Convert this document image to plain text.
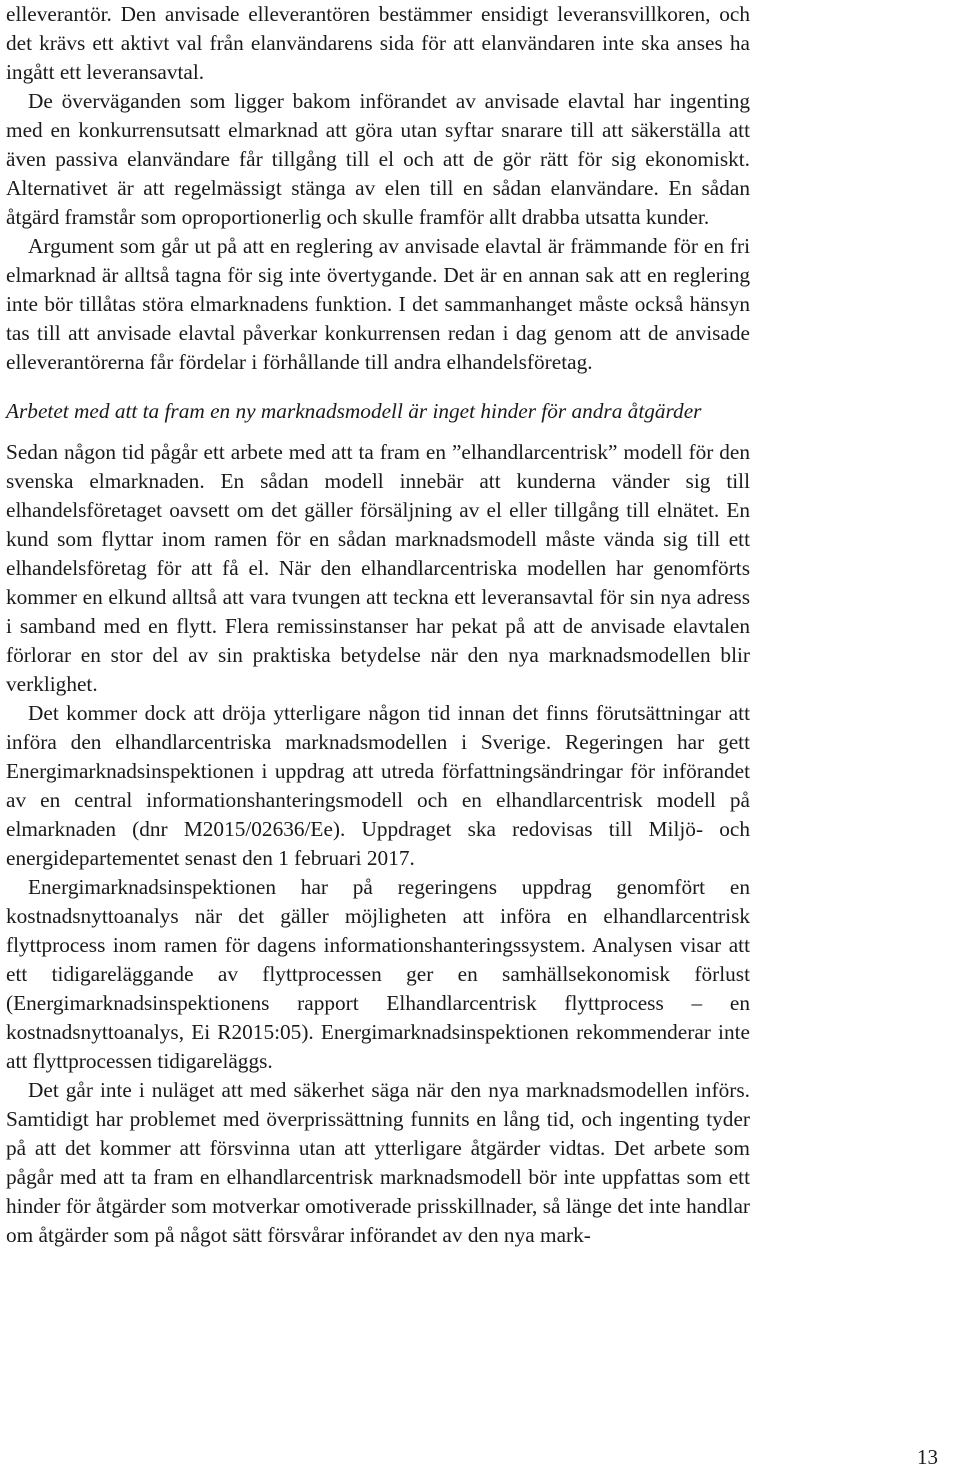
elleverantör. Den anvisade elleverantören bestämmer ensidigt leveransvillkoren, och det krävs ett aktivt val från elanvändarens sida för att elanvändaren inte ska anses ha ingått ett leveransavtal.

De överväganden som ligger bakom införandet av anvisade elavtal har ingenting med en konkurrensutsatt elmarknad att göra utan syftar snarare till att säkerställa att även passiva elanvändare får tillgång till el och att de gör rätt för sig ekonomiskt. Alternativet är att regelmässigt stänga av elen till en sådan elanvändare. En sådan åtgärd framstår som oproportionerlig och skulle framför allt drabba utsatta kunder.

Argument som går ut på att en reglering av anvisade elavtal är främmande för en fri elmarknad är alltså tagna för sig inte övertygande. Det är en annan sak att en reglering inte bör tillåtas störa elmarknadens funktion. I det sammanhanget måste också hänsyn tas till att anvisade elavtal påverkar konkurrensen redan i dag genom att de anvisade elleverantörerna får fördelar i förhållande till andra elhandelsföretag.

Arbetet med att ta fram en ny marknadsmodell är inget hinder för andra åtgärder

Sedan någon tid pågår ett arbete med att ta fram en ”elhandlarcentrisk” modell för den svenska elmarknaden. En sådan modell innebär att kunderna vänder sig till elhandelsföretaget oavsett om det gäller försäljning av el eller tillgång till elnätet. En kund som flyttar inom ramen för en sådan marknadsmodell måste vända sig till ett elhandelsföretag för att få el. När den elhandlarcentriska modellen har genomförts kommer en elkund alltså att vara tvungen att teckna ett leveransavtal för sin nya adress i samband med en flytt. Flera remissinstanser har pekat på att de anvisade elavtalen förlorar en stor del av sin praktiska betydelse när den nya marknadsmodellen blir verklighet.

Det kommer dock att dröja ytterligare någon tid innan det finns förutsättningar att införa den elhandlarcentriska marknadsmodellen i Sverige. Regeringen har gett Energimarknadsinspektionen i uppdrag att utreda författningsändringar för införandet av en central informationshanteringsmodell och en elhandlarcentrisk modell på elmarknaden (dnr M2015/02636/Ee). Uppdraget ska redovisas till Miljö- och energidepartementet senast den 1 februari 2017.

Energimarknadsinspektionen har på regeringens uppdrag genomfört en kostnadsnyttoanalys när det gäller möjligheten att införa en elhandlarcentrisk flyttprocess inom ramen för dagens informationshanteringssystem. Analysen visar att ett tidigareläggande av flyttprocessen ger en samhällsekonomisk förlust (Energimarknadsinspektionens rapport Elhandlarcentrisk flyttprocess – en kostnadsnyttoanalys, Ei R2015:05). Energimarknadsinspektionen rekommenderar inte att flyttprocessen tidigareläggs.

Det går inte i nuläget att med säkerhet säga när den nya marknadsmodellen införs. Samtidigt har problemet med överprissättning funnits en lång tid, och ingenting tyder på att det kommer att försvinna utan att ytterligare åtgärder vidtas. Det arbete som pågår med att ta fram en elhandlarcentrisk marknadsmodell bör inte uppfattas som ett hinder för åtgärder som motverkar omotiverade prisskillnader, så länge det inte handlar om åtgärder som på något sätt försvårar införandet av den nya mark-

13
